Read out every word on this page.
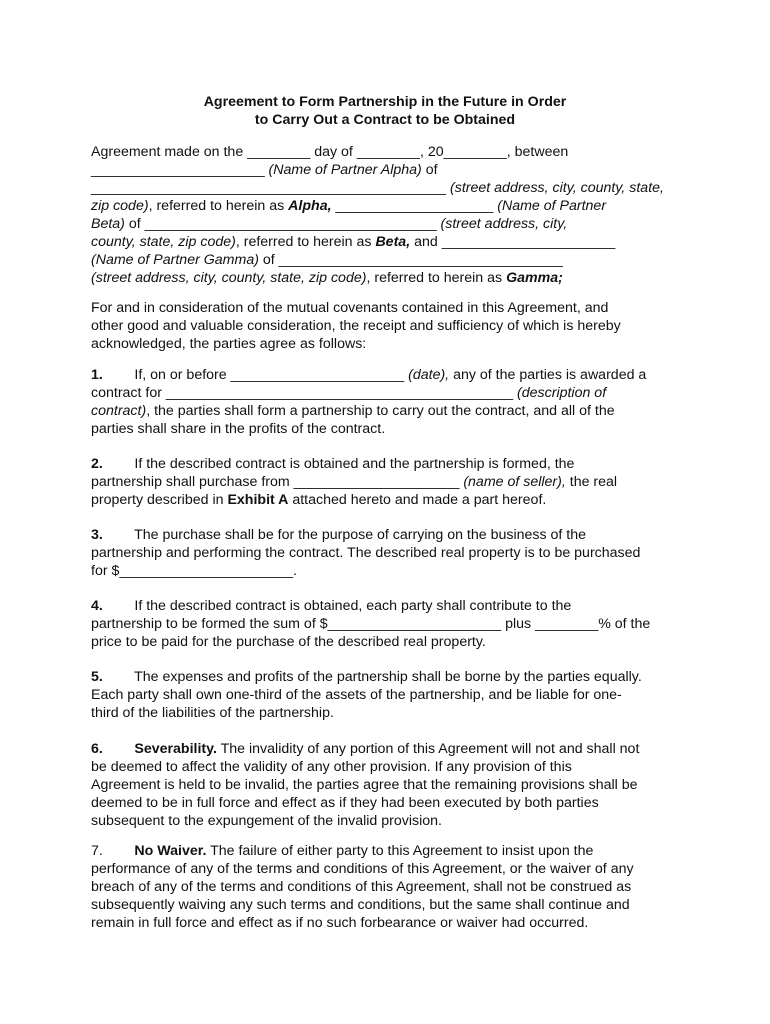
Agreement to Form Partnership in the Future in Order
to Carry Out a Contract to be Obtained
Agreement made on the ________ day of ________, 20________, between
______________________ (Name of Partner Alpha) of
_____________________________________________ (street address, city, county, state,
zip code), referred to herein as Alpha, ____________________ (Name of Partner
Beta) of _____________________________________ (street address, city,
county, state, zip code), referred to herein as Beta, and ______________________
(Name of Partner Gamma) of ____________________________________
(street address, city, county, state, zip code), referred to herein as Gamma;
For and in consideration of the mutual covenants contained in this Agreement, and
other good and valuable consideration, the receipt and sufficiency of which is hereby
acknowledged, the parties agree as follows:
1.        If, on or before ______________________ (date), any of the parties is awarded a
contract for ____________________________________________ (description of
contract), the parties shall form a partnership to carry out the contract, and all of the
parties shall share in the profits of the contract.
2.        If the described contract is obtained and the partnership is formed, the
partnership shall purchase from _____________________ (name of seller), the real
property described in Exhibit A attached hereto and made a part hereof.
3.        The purchase shall be for the purpose of carrying on the business of the
partnership and performing the contract. The described real property is to be purchased
for $______________________.
4.        If the described contract is obtained, each party shall contribute to the
partnership to be formed the sum of $______________________ plus ________% of the
price to be paid for the purchase of the described real property.
5.        The expenses and profits of the partnership shall be borne by the parties equally.
Each party shall own one-third of the assets of the partnership, and be liable for one-
third of the liabilities of the partnership.
6. Severability. The invalidity of any portion of this Agreement will not and shall not
be deemed to affect the validity of any other provision. If any provision of this
Agreement is held to be invalid, the parties agree that the remaining provisions shall be
deemed to be in full force and effect as if they had been executed by both parties
subsequent to the expungement of the invalid provision.
7. No Waiver. The failure of either party to this Agreement to insist upon the
performance of any of the terms and conditions of this Agreement, or the waiver of any
breach of any of the terms and conditions of this Agreement, shall not be construed as
subsequently waiving any such terms and conditions, but the same shall continue and
remain in full force and effect as if no such forbearance or waiver had occurred.
